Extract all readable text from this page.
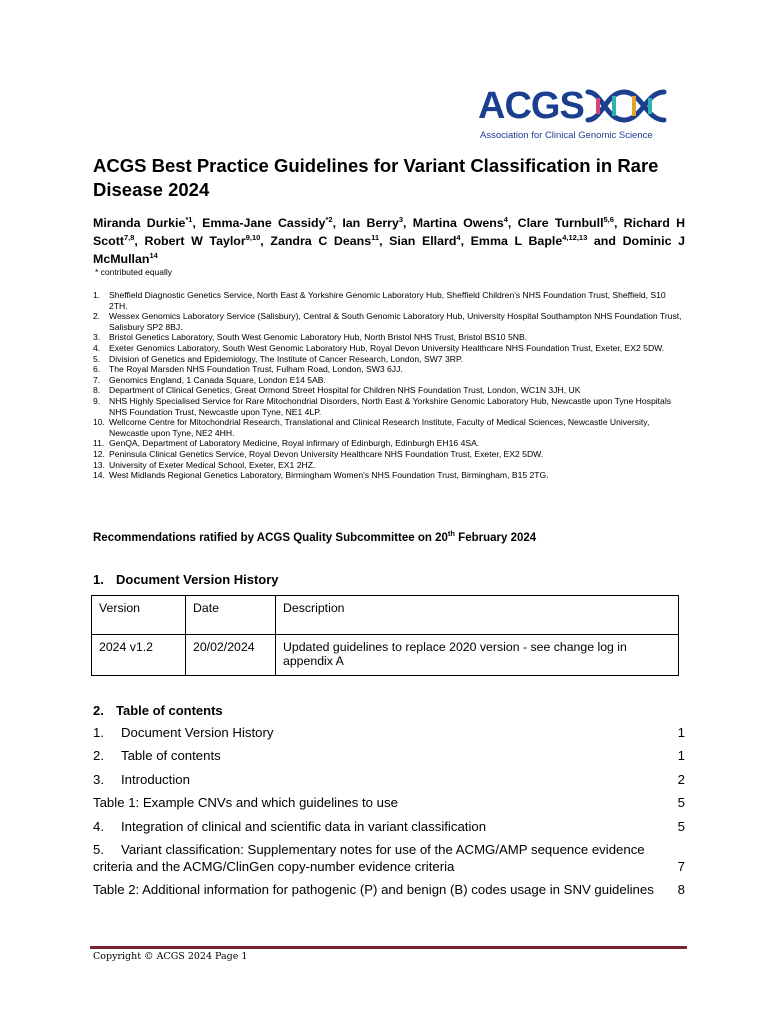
ACGS
Association for Clinical Genomic Science
ACGS Best Practice Guidelines for Variant Classification in Rare Disease 2024
Miranda Durkie$^{*1}$, Emma-Jane Cassidy$^{*2}$, Ian Berry$^3$, Martina Owens$^4$, Clare Turnbull$^{5,6}$, Richard H Scott$^{7,8}$, Robert W Taylor$^{9,10}$, Zandra C Deans$^{11}$, Sian Ellard$^4$, Emma L Baple$^{4,12,13}$ and Dominic J McMullan$^{14}$
* contributed equally
1. Sheffield Diagnostic Genetics Service, North East & Yorkshire Genomic Laboratory Hub, Sheffield Children's NHS Foundation Trust, Sheffield, S10 2TH.
2. Wessex Genomics Laboratory Service (Salisbury), Central & South Genomic Laboratory Hub, University Hospital Southampton NHS Foundation Trust, Salisbury SP2 8BJ.
3. Bristol Genetics Laboratory, South West Genomic Laboratory Hub, North Bristol NHS Trust, Bristol BS10 5NB.
4. Exeter Genomics Laboratory, South West Genomic Laboratory Hub, Royal Devon University Healthcare NHS Foundation Trust, Exeter, EX2 5DW.
5. Division of Genetics and Epidemiology, The Institute of Cancer Research, London, SW7 3RP.
6. The Royal Marsden NHS Foundation Trust, Fulham Road, London, SW3 6JJ.
7. Genomics England, 1 Canada Square, London E14 5AB.
8. Department of Clinical Genetics, Great Ormond Street Hospital for Children NHS Foundation Trust, London, WC1N 3JH, UK
9. NHS Highly Specialised Service for Rare Mitochondrial Disorders, North East & Yorkshire Genomic Laboratory Hub, Newcastle upon Tyne Hospitals NHS Foundation Trust, Newcastle upon Tyne, NE1 4LP.
10. Wellcome Centre for Mitochondrial Research, Translational and Clinical Research Institute, Faculty of Medical Sciences, Newcastle University, Newcastle upon Tyne, NE2 4HH.
11. GenQA, Department of Laboratory Medicine, Royal infirmary of Edinburgh, Edinburgh EH16 4SA.
12. Peninsula Clinical Genetics Service, Royal Devon University Healthcare NHS Foundation Trust, Exeter, EX2 5DW.
13. University of Exeter Medical School, Exeter, EX1 2HZ.
14. West Midlands Regional Genetics Laboratory, Birmingham Women's NHS Foundation Trust, Birmingham, B15 2TG.
Recommendations ratified by ACGS Quality Subcommittee on 20th February 2024
1. Document Version History
Version	Date	Description
2024 v1.2	20/02/2024	Updated guidelines to replace 2020 version - see change log in appendix A
2. Table of contents
1. Document Version History	1
2. Table of contents	1
3. Introduction	2
Table 1: Example CNVs and which guidelines to use	5
4. Integration of clinical and scientific data in variant classification	5
5. Variant classification: Supplementary notes for use of the ACMG/AMP sequence evidence criteria and the ACMG/ClinGen copy-number evidence criteria	7
Table 2: Additional information for pathogenic (P) and benign (B) codes usage in SNV guidelines 8
Copyright © ACGS 2024 Page 1
